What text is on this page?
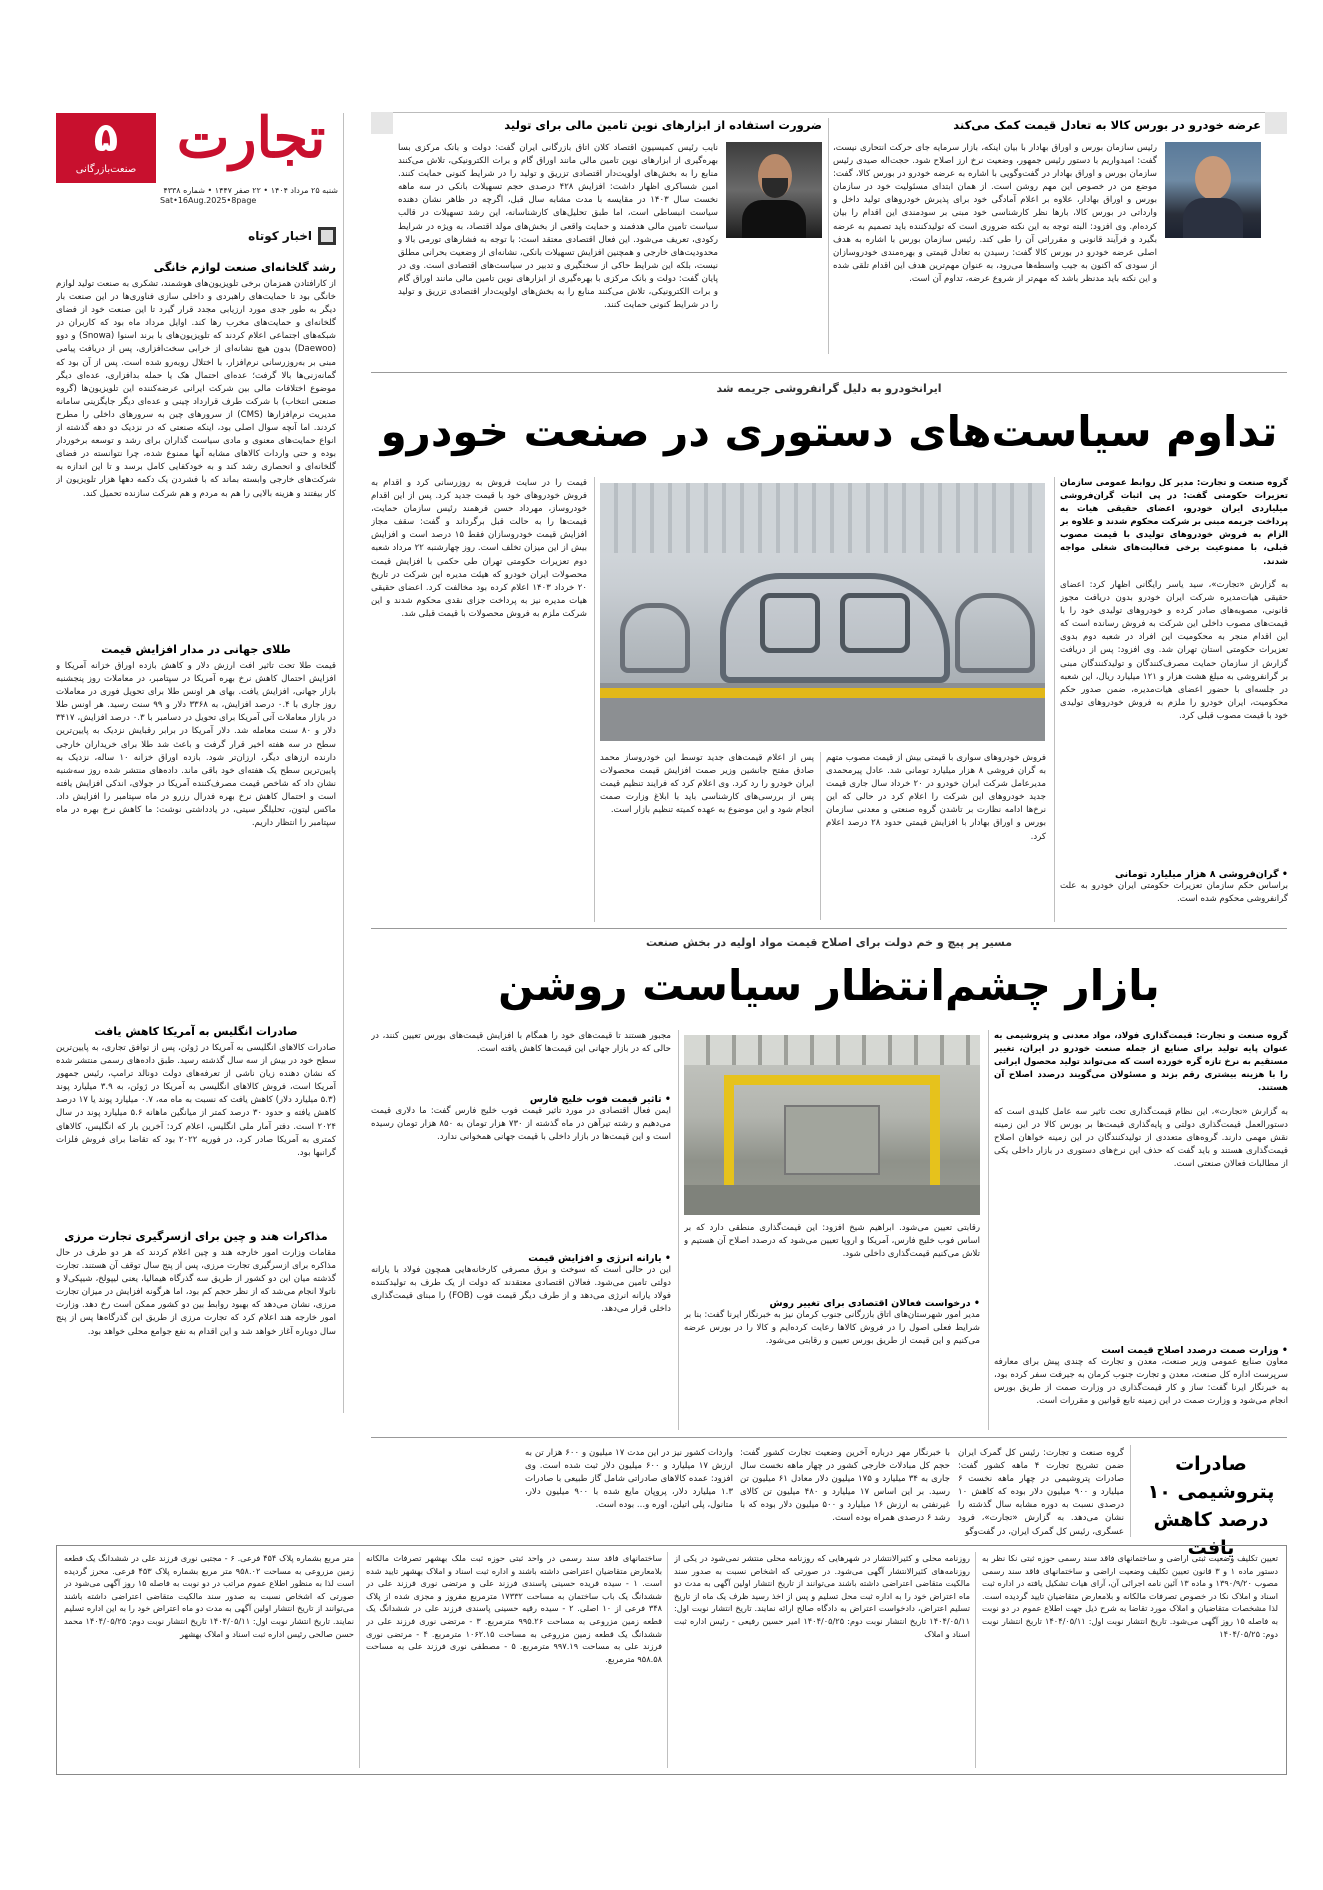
۵
صنعت‌بازرگانی تجارت
شنبه ۲۵ مرداد ۱۴۰۴ • ۲۲ صفر ۱۴۴۷ • شماره ۴۳۳۸
Sat•16Aug.2025•8page
اخبار کوتاه
رشد گلخانه‌ای صنعت لوازم خانگی
از کارافتادن همزمان برخی تلویزیون‌های هوشمند، تشکری به صنعت تولید لوازم خانگی بود تا حمایت‌های راهبردی و داخلی سازی فناوری‌ها در این صنعت بار دیگر به طور جدی مورد ارزیابی مجدد قرار گیرد تا این صنعت خود از فضای گلخانه‌ای و حمایت‌های مخرب رها کند. اوایل مرداد ماه بود که کاربران در شبکه‌های اجتماعی اعلام کردند که تلویزیون‌های با برند اسنوا (Snowa) و دوو (Daewoo) بدون هیچ نشانه‌ای از خرابی سخت‌افزاری، پس از دریافت پیامی مبنی بر به‌روزرسانی نرم‌افزار، با اختلال روبه‌رو شده است. پس از آن بود که گمانه‌زنی‌ها بالا گرفت؛ عده‌ای احتمال هک یا حمله بدافزاری، عده‌ای دیگر موضوع اختلافات مالی بین شرکت ایرانی عرضه‌کننده این تلویزیون‌ها (گروه صنعتی انتخاب) با شرکت طرف قرارداد چینی و عده‌ای دیگر جایگزینی سامانه مدیریت نرم‌افزارها (CMS) از سرورهای چین به سرورهای داخلی را مطرح کردند. اما آنچه سوال اصلی بود، اینکه صنعتی که در نزدیک دو دهه گذشته از انواع حمایت‌های معنوی و مادی سیاست گذاران برای رشد و توسعه برخوردار بوده و حتی واردات کالاهای مشابه آنها ممنوع شده، چرا نتوانسته در فضای گلخانه‌ای و انحصاری رشد کند و به خودکفایی کامل برسد و تا این اندازه به شرکت‌های خارجی وابسته بماند که با فشردن یک دکمه دهها هزار تلویزیون از کار بیفتند و هزینه بالایی را هم به مردم و هم شرکت سازنده تحمیل کند.
طلای جهانی در مدار افزایش قیمت
قیمت طلا تحت تاثیر افت ارزش دلار و کاهش بازده اوراق خزانه آمریکا و افزایش احتمال کاهش نرخ بهره آمریکا در سپتامبر، در معاملات روز پنجشنبه بازار جهانی، افزایش یافت. بهای هر اونس طلا برای تحویل فوری در معاملات روز جاری با ۰.۴ درصد افزایش، به ۳۳۶۸ دلار و ۹۹ سنت رسید. هر اونس طلا در بازار معاملات آتی آمریکا برای تحویل در دسامبر با ۰.۳ درصد افزایش، ۳۴۱۷ دلار و ۸۰ سنت معامله شد. دلار آمریکا در برابر رقبایش نزدیک به پایین‌ترین سطح در سه هفته اخیر قرار گرفت و باعث شد طلا برای خریداران خارجی دارنده ارزهای دیگر، ارزان‌تر شود. بازده اوراق خزانه ۱۰ ساله، نزدیک به پایین‌ترین سطح یک هفته‌ای خود باقی ماند. داده‌های منتشر شده روز سه‌شنبه نشان داد که شاخص قیمت مصرف‌کننده آمریکا در جولای، اندکی افزایش یافته است و احتمال کاهش نرخ بهره فدرال رزرو در ماه سپتامبر را افزایش داد. ماکس لیتون، تحلیلگر سیتی، در یادداشتی نوشت: ما کاهش نرخ بهره در ماه سپتامبر را انتظار داریم.
صادرات انگلیس به آمریکا کاهش یافت
صادرات کالاهای انگلیسی به آمریکا در ژوئن، پس از توافق تجاری، به پایین‌ترین سطح خود در بیش از سه سال گذشته رسید. طبق داده‌های رسمی منتشر شده که نشان دهنده زیان ناشی از تعرفه‌های دولت دونالد ترامپ، رئیس جمهور آمریکا است، فروش کالاهای انگلیسی به آمریکا در ژوئن، به ۳.۹ میلیارد پوند (۵.۳ میلیارد دلار) کاهش یافت که نسبت به ماه مه، ۰.۷ میلیارد پوند یا ۱۷ درصد کاهش یافته و حدود ۳۰ درصد کمتر از میانگین ماهانه ۵.۶ میلیارد پوند در سال ۲۰۲۴ است. دفتر آمار ملی انگلیس، اعلام کرد: آخرین بار که انگلیس، کالاهای کمتری به آمریکا صادر کرد، در فوریه ۲۰۲۲ بود که تقاضا برای فروش فلزات گرانبها بود.
مذاکرات هند و چین برای ازسرگیری تجارت مرزی
مقامات وزارت امور خارجه هند و چین اعلام کردند که هر دو طرف در حال مذاکره برای ازسرگیری تجارت مرزی، پس از پنج سال توقف آن هستند. تجارت گذشته میان این دو کشور از طریق سه گذرگاه هیمالیا، یعنی لیپولخ، شیپکی‌لا و ناتو‌لا انجام می‌شد که از نظر حجم کم بود، اما هرگونه افزایش در میزان تجارت مرزی، نشان می‌دهد که بهبود روابط بین دو کشور ممکن است رخ دهد. وزارت امور خارجه هند اعلام کرد که تجارت مرزی از طریق این گذرگاه‌ها پس از پنج سال دوباره آغاز خواهد شد و این اقدام به نفع جوامع محلی خواهد بود.
عرضه خودرو در بورس کالا به تعادل قیمت کمک می‌کند
رئیس سازمان بورس و اوراق بهادار با بیان اینکه، بازار سرمایه جای حرکت انتحاری نیست، گفت: امیدواریم با دستور رئیس جمهور، وضعیت نرخ ارز اصلاح شود. حجت‌اله صیدی رئیس سازمان بورس و اوراق بهادار در گفت‌وگویی با اشاره به عرضه خودرو در بورس کالا، گفت: موضع من در خصوص این مهم روشن است. از همان ابتدای مسئولیت خود در سازمان بورس و اوراق بهادار، علاوه بر اعلام آمادگی خود برای پذیرش خودروهای تولید داخل و وارداتی در بورس کالا، بارها نظر کارشناسی خود مبنی بر سودمندی این اقدام را بیان کرده‌ام. وی افزود: البته توجه به این نکته ضروری است که تولیدکننده باید تصمیم به عرضه بگیرد و فرآیند قانونی و مقرراتی آن را طی کند. رئیس سازمان بورس با اشاره به هدف اصلی عرضه خودرو در بورس کالا گفت: رسیدن به تعادل قیمتی و بهره‌مندی خودروسازان از سودی که اکنون به جیب واسطه‌ها می‌رود، به عنوان مهم‌ترین هدف این اقدام تلقی شده و این نکته باید مدنظر باشد که مهم‌تر از شروع عرضه، تداوم آن است.
ضرورت استفاده از ابزارهای نوین تامین مالی برای تولید
نایب رئیس کمیسیون اقتصاد کلان اتاق بازرگانی ایران گفت: دولت و بانک مرکزی بسا بهره‌گیری از ابزارهای نوین تامین مالی مانند اوراق گام و برات الکترونیکی، تلاش می‌کنند منابع را به بخش‌های اولویت‌دار اقتصادی تزریق و تولید را در شرایط کنونی حمایت کنند. امین شساکری اظهار داشت: افزایش ۴۲۸ درصدی حجم تسهیلات بانکی در سه ماهه نخست سال ۱۴۰۳ در مقایسه با مدت مشابه سال قبل، اگرچه در ظاهر نشان دهنده سیاست انبساطی است، اما طبق تحلیل‌های کارشناسانه، این رشد تسهیلات در قالب سیاست تامین مالی هدفمند و حمایت واقعی از بخش‌های مولد اقتصاد، به ویژه در شرایط رکودی، تعریف می‌شود. این فعال اقتصادی معتقد است: با توجه به فشارهای تورمی بالا و محدودیت‌های خارجی و همچنین افزایش تسهیلات بانکی، نشانه‌ای از وضعیت بحرانی مطلق نیست، بلکه این شرایط حاکی از سختگیری و تدبیر در سیاست‌های اقتصادی است. وی در پایان گفت: دولت و بانک مرکزی با بهره‌گیری از ابزارهای نوین تامین مالی مانند اوراق گام و برات الکترونیکی، تلاش می‌کنند منابع را به بخش‌های اولویت‌دار اقتصادی تزریق و تولید را در شرایط کنونی حمایت کنند.
ایرانخودرو به دلیل گرانفروشی جریمه شد
تداوم سیاست‌های دستوری در صنعت خودرو
گروه صنعت و تجارت: مدیر کل روابط عمومی سازمان تعزیرات حکومتی گفت: در پی اثبات گران‌فروشی میلیاردی ایران خودرو، اعضای حقیقی هیات به پرداخت جریمه مبنی بر شرکت محکوم شدند و علاوه بر الزام به فروش خودروهای تولیدی با قیمت مصوب قبلی، با ممنوعیت برخی فعالیت‌های شغلی مواجه شدند.
به گزارش «تجارت»، سید یاسر رایگانی اظهار کرد: اعضای حقیقی هیات‌مدیره شرکت ایران خودرو بدون دریافت مجوز قانونی، مصوبه‌های صادر کرده و خودروهای تولیدی خود را با قیمت‌های مصوب داخلی این شرکت به فروش رسانده است که این اقدام منجر به محکومیت این افراد در شعبه دوم بدوی تعزیرات حکومتی استان تهران شد. وی افزود: پس از دریافت گزارش از سازمان حمایت مصرف‌کنندگان و تولیدکنندگان مبنی بر گرانفروشی به مبلغ هشت هزار و ۱۲۱ میلیارد ریال، این شعبه در جلسه‌ای با حضور اعضای هیات‌مدیره، ضمن صدور حکم محکومیت، ایران خودرو را ملزم به فروش خودروهای تولیدی خود با قیمت مصوب قبلی کرد.
• گران‌فروشی ۸ هزار میلیارد تومانی
براساس حکم سازمان تعزیرات حکومتی ایران خودرو به علت گرانفروشی محکوم شده است.
فروش خودروهای سواری با قیمتی بیش از قیمت مصوب متهم به گران فروشی ۸ هزار میلیارد تومانی شد. عادل پیرمحمدی مدیرعامل شرکت ایران خودرو در ۲۰ خرداد سال جاری قیمت جدید خودروهای این شرکت را اعلام کرد در حالی که این نرخ‌ها ادامه نظارت بر تاشدن گروه صنعتی و معدنی سازمان بورس و اوراق بهادار با افزایش قیمتی حدود ۲۸ درصد اعلام کرد.
پس از اعلام قیمت‌های جدید توسط این خودروساز محمد صادق مفتح جانشین وزیر صمت افزایش قیمت محصولات ایران خودرو را رد کرد. وی اعلام کرد که فرایند تنظیم قیمت پس از بررسی‌های کارشناسی باید با ابلاغ وزارت صمت انجام شود و این موضوع به عهده کمیته تنظیم بازار است.
قیمت را در سایت فروش به روزرسانی کرد و اقدام به فروش خودروهای خود با قیمت جدید کرد. پس از این اقدام خودروساز، مهرداد حسن فرهمند رئیس سازمان حمایت، قیمت‌ها را به حالت قبل برگرداند و گفت: سقف مجاز افزایش قیمت خودروسازان فقط ۱۵ درصد است و افزایش بیش از این میزان تخلف است. روز چهارشنبه ۲۲ مرداد شعبه دوم تعزیرات حکومتی تهران طی حکمی با افزایش قیمت محصولات ایران خودرو که هیئت مدیره این شرکت در تاریخ ۲۰ خرداد ۱۴۰۳ اعلام کرده بود مخالفت کرد. اعضای حقیقی هیات مدیره نیز به پرداخت جزای نقدی محکوم شدند و این شرکت ملزم به فروش محصولات با قیمت قبلی شد.
مسیر پر پیچ و خم دولت برای اصلاح قیمت مواد اولیه در بخش صنعت
بازار چشم‌انتظار سیاست روشن
گروه صنعت و تجارت: قیمت‌گذاری فولاد، مواد معدنی و پتروشیمی به عنوان پایه تولید برای صنایع از جمله صنعت خودرو در ایران، تغییر مستقیم به نرخ تازه گره خورده است که می‌تواند تولید محصول ایرانی را با هزینه بیشتری رقم بزند و مسئولان می‌گویند درصدد اصلاح آن هستند.
به گزارش «تجارت»، این نظام قیمت‌گذاری تحت تاثیر سه عامل کلیدی است که دستورالعمل قیمت‌گذاری دولتی و پایه‌گذاری قیمت‌ها بر بورس کالا در این زمینه نقش مهمی دارند. گروه‌های متعددی از تولیدکنندگان در این زمینه خواهان اصلاح قیمت‌گذاری هستند و باید گفت که حذف این نرخ‌های دستوری در بازار داخلی یکی از مطالبات فعالان صنعتی است.
• وزارت صمت درصدد اصلاح قیمت است
معاون صنایع عمومی وزیر صنعت، معدن و تجارت که چندی پیش برای معارفه سرپرست اداره کل صنعت، معدن و تجارت جنوب کرمان به جیرفت سفر کرده بود، به خبرنگار ایرنا گفت: ساز و کار قیمت‌گذاری در وزارت صمت از طریق بورس انجام می‌شود و وزارت صمت در این زمینه تابع قوانین و مقررات است.
رقابتی تعیین می‌شود. ابراهیم شیخ افزود: این قیمت‌گذاری منطقی دارد که بر اساس فوب خلیج فارس، آمریکا و اروپا تعیین می‌شود که درصدد اصلاح آن هستیم و تلاش می‌کنیم قیمت‌گذاری داخلی شود.
• درخواست فعالان اقتصادی برای تغییر روش
مدیر امور شهرستان‌های اتاق بازرگانی جنوب کرمان نیز به خبرنگار ایرنا گفت: بنا بر شرایط فعلی اصول را در فروش کالاها رعایت کرده‌ایم و کالا را در بورس عرضه می‌کنیم و این قیمت از طریق بورس تعیین و رقابتی می‌شود.
مجبور هستند تا قیمت‌های خود را همگام با افزایش قیمت‌های بورس تعیین کنند، در حالی که در بازار جهانی این قیمت‌ها کاهش یافته است.
• تاثیر قیمت فوب خلیج فارس
ایمن فعال اقتصادی در مورد تاثیر قیمت فوب خلیج فارس گفت: ما دلاری قیمت می‌دهیم و رشته تیرآهن در ماه گذشته از ۷۳۰ هزار تومان به ۸۵۰ هزار تومان رسیده است و این قیمت‌ها در بازار داخلی با قیمت جهانی همخوانی ندارد.
• یارانه انرژی و افزایش قیمت
این در حالی است که سوخت و برق مصرفی کارخانه‌هایی همچون فولاد با یارانه دولتی تامین می‌شود. فعالان اقتصادی معتقدند که دولت از یک طرف به تولیدکننده فولاد یارانه انرژی می‌دهد و از طرف دیگر قیمت فوب (FOB) را مبنای قیمت‌گذاری داخلی قرار می‌دهد.
صادرات پتروشیمی ۱۰ درصد کاهش یافت
گروه صنعت و تجارت: رئیس کل گمرک ایران ضمن تشریح تجارت ۴ ماهه کشور گفت: صادرات پتروشیمی در چهار ماهه نخست ۶ میلیارد و ۹۰۰ میلیون دلار بوده که کاهش ۱۰ درصدی نسبت به دوره مشابه سال گذشته را نشان می‌دهد. به گزارش «تجارت»، فرود عسگری، رئیس کل گمرک ایران، در گفت‌وگو
با خبرنگار مهر درباره آخرین وضعیت تجارت کشور گفت: حجم کل مبادلات خارجی کشور در چهار ماهه نخست سال جاری به ۳۴ میلیارد و ۱۷۵ میلیون دلار معادل ۶۱ میلیون تن رسید. بر این اساس ۱۷ میلیارد و ۴۸۰ میلیون تن کالای غیرنفتی به ارزش ۱۶ میلیارد و ۵۰۰ میلیون دلار بوده که با رشد ۶ درصدی همراه بوده است.
واردات کشور نیز در این مدت ۱۷ میلیون و ۶۰۰ هزار تن به ارزش ۱۷ میلیارد و ۶۰۰ میلیون دلار ثبت شده است. وی افزود: عمده کالاهای صادراتی شامل گاز طبیعی با صادرات ۱.۳ میلیارد دلار، پروپان مایع شده با ۹۰۰ میلیون دلار، متانول، پلی اتیلن، اوره و... بوده است.
تعیین تکلیف وضعیت ثبتی اراضی و ساختمانهای فاقد سند رسمی حوزه ثبتی نکا نظر به دستور ماده ۱ و ۳ قانون تعیین تکلیف وضعیت اراضی و ساختمانهای فاقد سند رسمی مصوب ۱۳۹۰/۹/۲۰ و ماده ۱۳ آئین نامه اجرائی آن، آرای هیات تشکیل یافته در اداره ثبت اسناد و املاک نکا در خصوص تصرفات مالکانه و بلامعارض متقاضیان تایید گردیده است. لذا مشخصات متقاضیان و املاک مورد تقاضا به شرح ذیل جهت اطلاع عموم در دو نوبت به فاصله ۱۵ روز آگهی می‌شود. تاریخ انتشار نوبت اول: ۱۴۰۴/۰۵/۱۱ تاریخ انتشار نوبت دوم: ۱۴۰۴/۰۵/۲۵
روزنامه محلی و کثیرالانتشار در شهرهایی که روزنامه محلی منتشر نمی‌شود در یکی از روزنامه‌های کثیرالانتشار آگهی می‌شود. در صورتی که اشخاص نسبت به صدور سند مالکیت متقاضی اعتراضی داشته باشند می‌توانند از تاریخ انتشار اولین آگهی به مدت دو ماه اعتراض خود را به اداره ثبت محل تسلیم و پس از اخذ رسید ظرف یک ماه از تاریخ تسلیم اعتراض، دادخواست اعتراض به دادگاه صالح ارائه نمایند. تاریخ انتشار نوبت اول: ۱۴۰۴/۰۵/۱۱ تاریخ انتشار نوبت دوم: ۱۴۰۴/۰۵/۲۵ امیر حسین رفیعی - رئیس اداره ثبت اسناد و املاک
ساختمانهای فاقد سند رسمی در واحد ثبتی حوزه ثبت ملک بهشهر تصرفات مالکانه بلامعارض متقاضیان اعتراضی داشته باشند و اداره ثبت اسناد و املاک بهشهر تایید شده است. ۱ - سیده فریده حسینی پاسندی فرزند علی و مرتضی نوری فرزند علی در ششدانگ یک باب ساختمان به مساحت ۱۷۳۳۲ مترمربع مفروز و مجزی شده از پلاک ۳۴۸ فرعی از ۱۰ اصلی. ۲ - سیده رقیه حسینی پاسندی فرزند علی در ششدانگ یک قطعه زمین مزروعی به مساحت ۹۹۵.۲۶ مترمربع. ۳ - مرتضی نوری فرزند علی در ششدانگ یک قطعه زمین مزروعی به مساحت ۱۰۶۲.۱۵ مترمربع. ۴ - مرتضی نوری فرزند علی به مساحت ۹۹۷.۱۹ مترمربع. ۵ - مصطفی نوری فرزند علی به مساحت ۹۵۸.۵۸ مترمربع.
متر مربع بشماره پلاک ۴۵۴ فرعی. ۶ - مجتبی نوری فرزند علی در ششدانگ یک قطعه زمین مزروعی به مساحت ۹۵۸.۰۲ متر مربع بشماره پلاک ۴۵۳ فرعی. محرز گردیده است لذا به منظور اطلاع عموم مراتب در دو نوبت به فاصله ۱۵ روز آگهی می‌شود در صورتی که اشخاص نسبت به صدور سند مالکیت متقاضی اعتراضی داشته باشند می‌توانند از تاریخ انتشار اولین آگهی به مدت دو ماه اعتراض خود را به این اداره تسلیم نمایند. تاریخ انتشار نوبت اول: ۱۴۰۴/۰۵/۱۱ تاریخ انتشار نوبت دوم: ۱۴۰۴/۰۵/۲۵ محمد حسن صالحی رئیس اداره ثبت اسناد و املاک بهشهر
